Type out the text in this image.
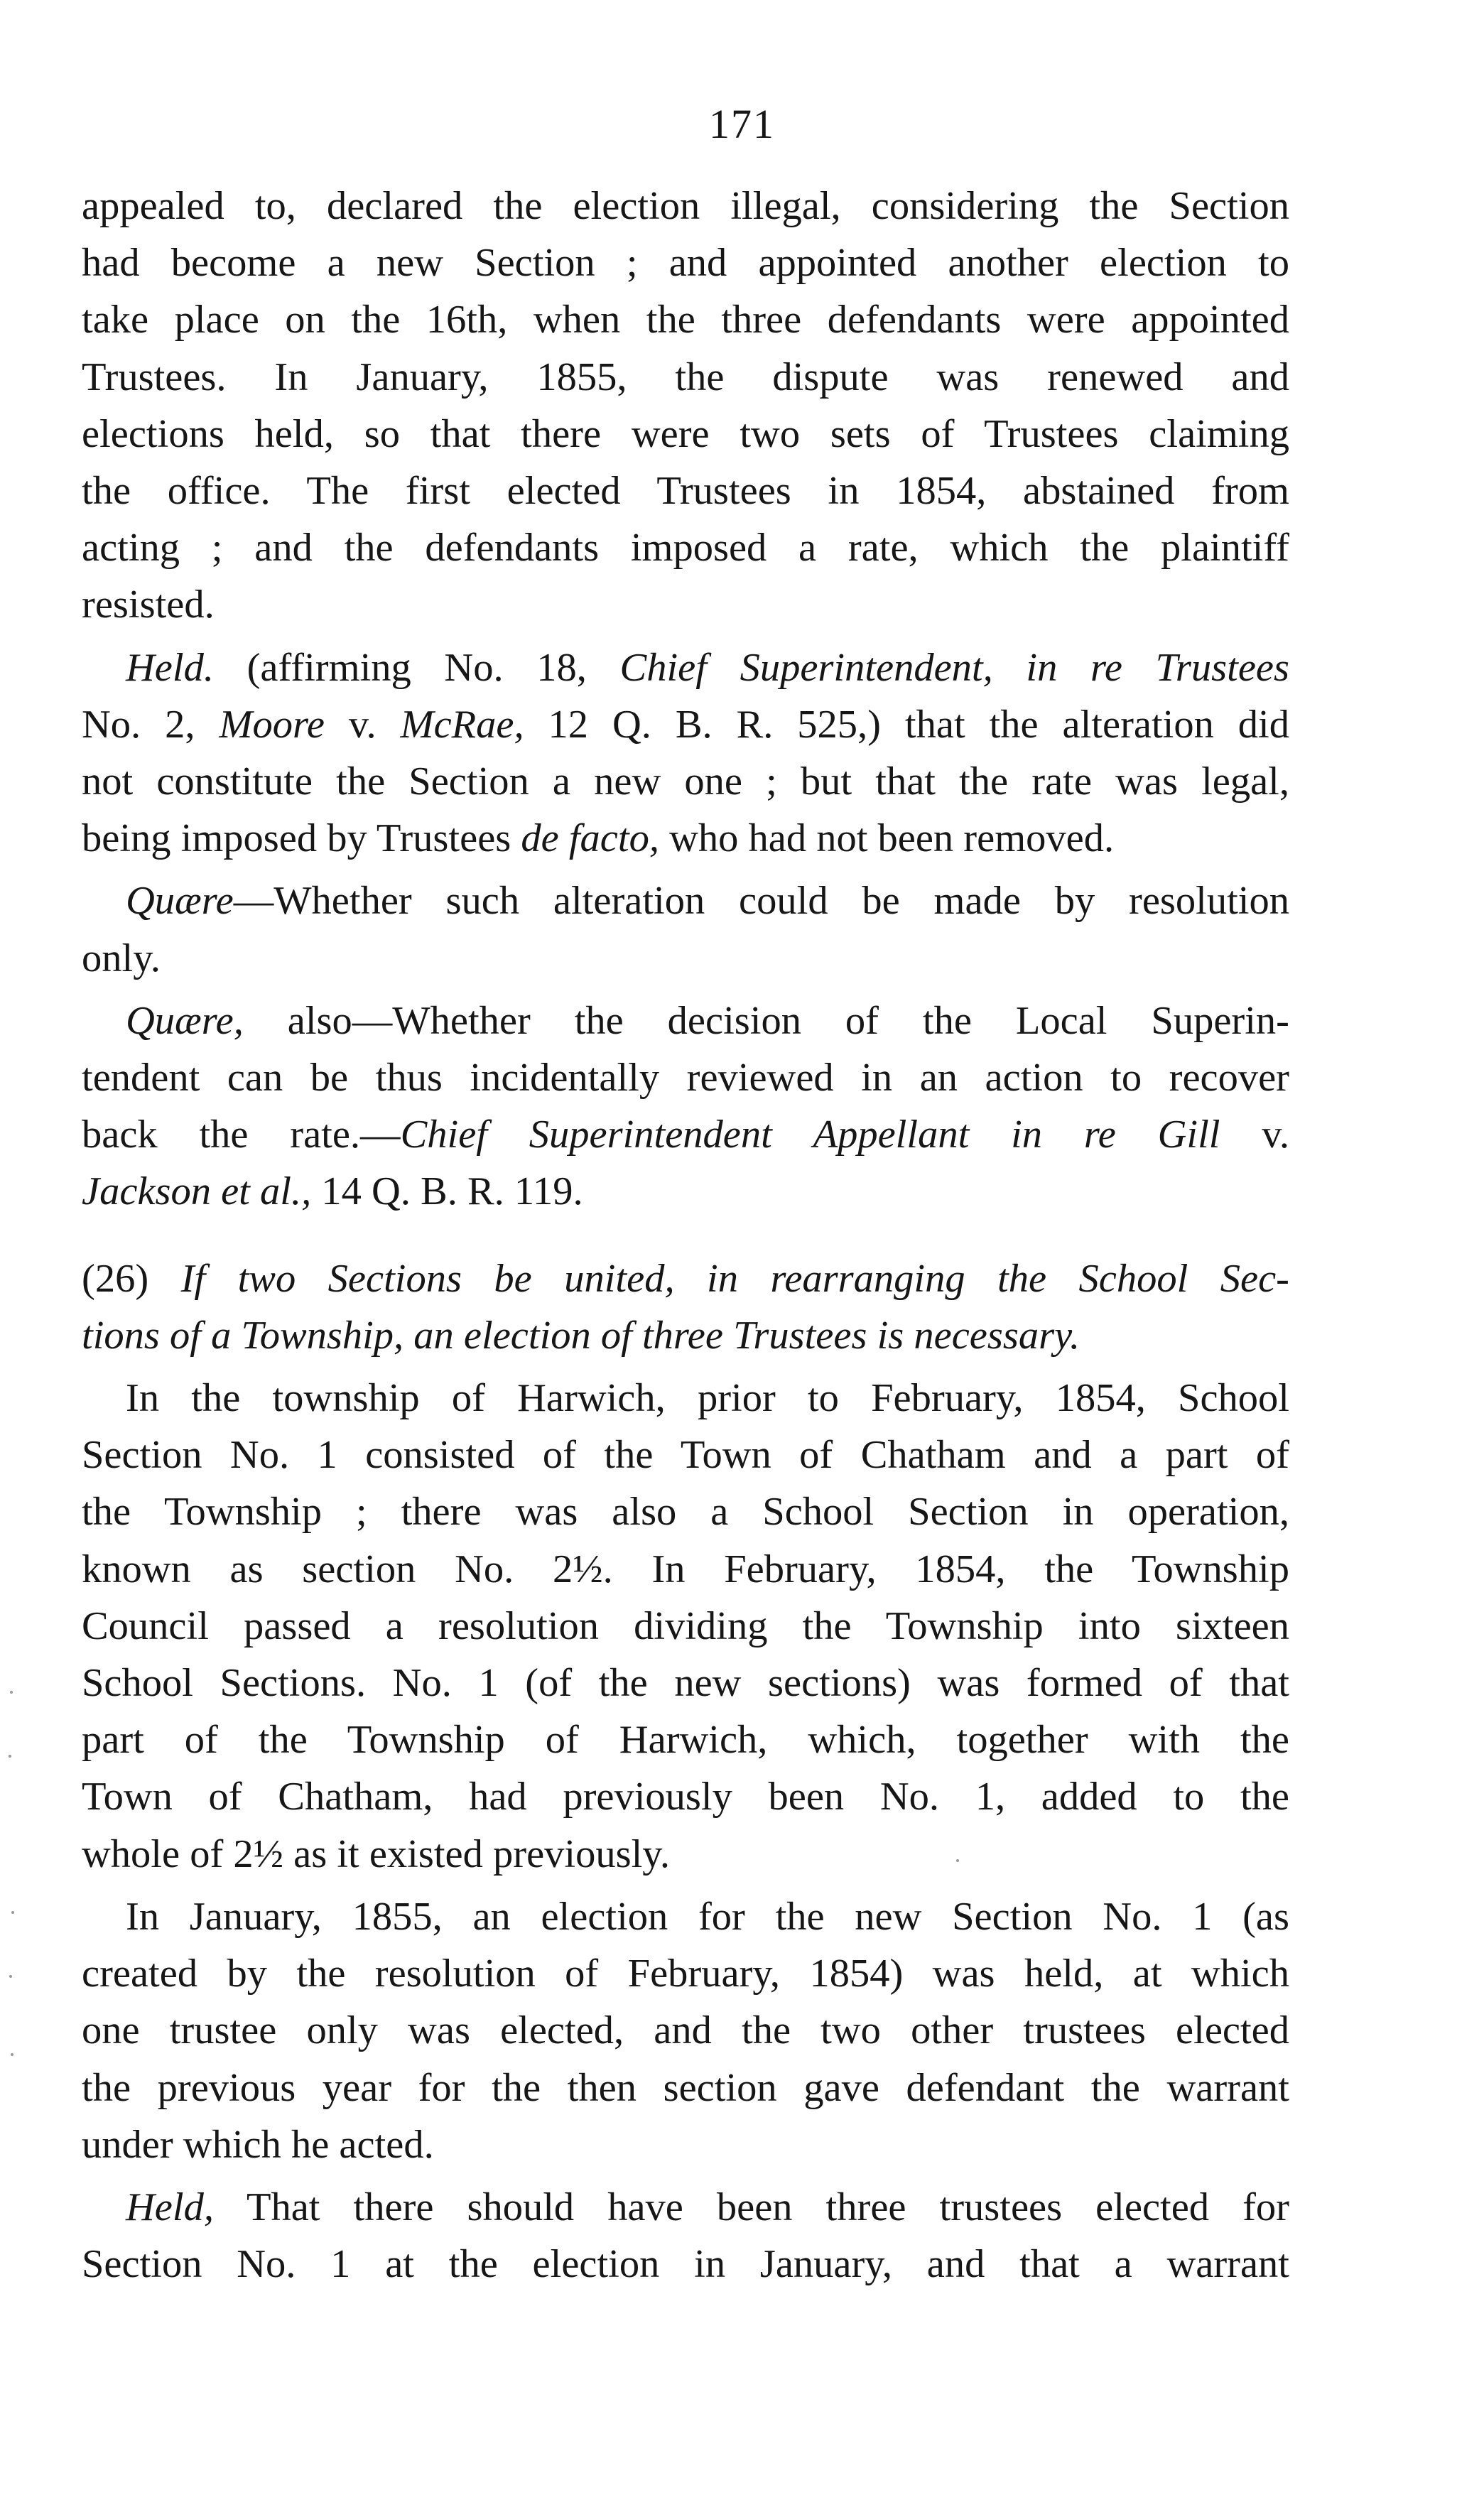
171

appealed to, declared the election illegal, considering the Section
had become a new Section ; and appointed another election to
take place on the 16th, when the three defendants were appointed
Trustees. In January, 1855, the dispute was renewed and
elections held, so that there were two sets of Trustees claiming
the office. The first elected Trustees in 1854, abstained from
acting ; and the defendants imposed a rate, which the plaintiff
resisted.

Held. (affirming No. 18, Chief Superintendent, in re Trustees
No. 2, Moore v. McRae, 12 Q. B. R. 525,) that the alteration did
not constitute the Section a new one ; but that the rate was legal,
being imposed by Trustees de facto, who had not been removed.

Quære—Whether such alteration could be made by resolution
only.

Quære, also—Whether the decision of the Local Superin-
tendent can be thus incidentally reviewed in an action to recover
back the rate.—Chief Superintendent Appellant in re Gill v.
Jackson et al., 14 Q. B. R. 119.

(26) If two Sections be united, in rearranging the School Sec-
tions of a Township, an election of three Trustees is necessary.

In the township of Harwich, prior to February, 1854, School
Section No. 1 consisted of the Town of Chatham and a part of
the Township ; there was also a School Section in operation,
known as section No. 2½. In February, 1854, the Township
Council passed a resolution dividing the Township into sixteen
School Sections. No. 1 (of the new sections) was formed of that
part of the Township of Harwich, which, together with the
Town of Chatham, had previously been No. 1, added to the
whole of 2½ as it existed previously.

In January, 1855, an election for the new Section No. 1 (as
created by the resolution of February, 1854) was held, at which
one trustee only was elected, and the two other trustees elected
the previous year for the then section gave defendant the warrant
under which he acted.

Held, That there should have been three trustees elected for
Section No. 1 at the election in January, and that a warrant
